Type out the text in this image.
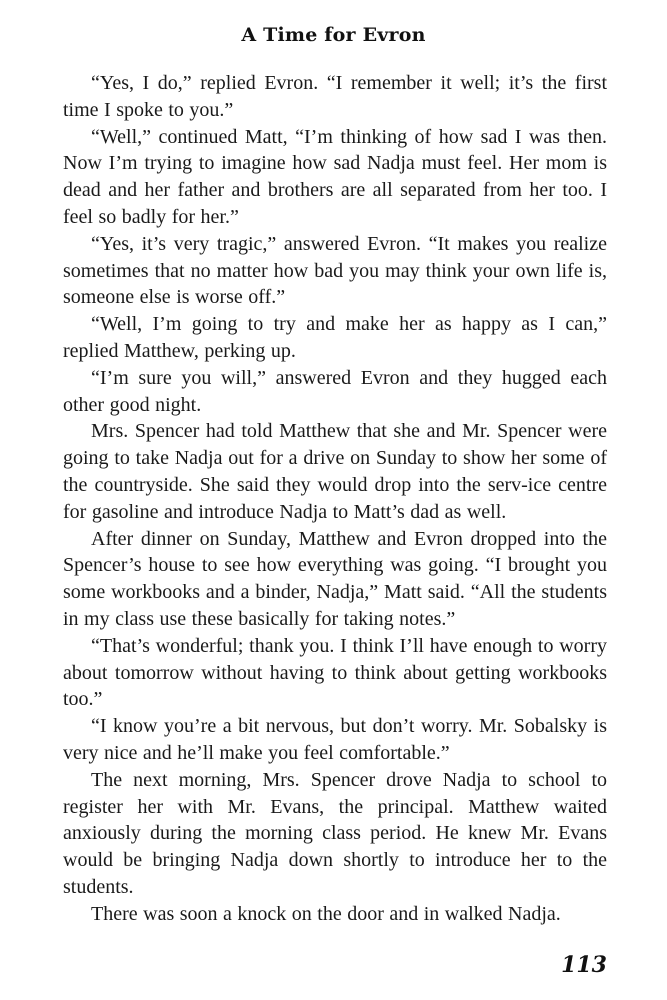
A Time for Evron

“Yes, I do,” replied Evron. “I remember it well; it’s the first time I spoke to you.”

“Well,” continued Matt, “I’m thinking of how sad I was then. Now I’m trying to imagine how sad Nadja must feel. Her mom is dead and her father and brothers are all separated from her too. I feel so badly for her.”

“Yes, it’s very tragic,” answered Evron. “It makes you realize sometimes that no matter how bad you may think your own life is, someone else is worse off.”

“Well, I’m going to try and make her as happy as I can,” replied Matthew, perking up.

“I’m sure you will,” answered Evron and they hugged each other good night.

Mrs. Spencer had told Matthew that she and Mr. Spencer were going to take Nadja out for a drive on Sunday to show her some of the countryside. She said they would drop into the serv-ice centre for gasoline and introduce Nadja to Matt’s dad as well.

After dinner on Sunday, Matthew and Evron dropped into the Spencer’s house to see how everything was going. “I brought you some workbooks and a binder, Nadja,” Matt said. “All the students in my class use these basically for taking notes.”

“That’s wonderful; thank you. I think I’ll have enough to worry about tomorrow without having to think about getting workbooks too.”

“I know you’re a bit nervous, but don’t worry. Mr. Sobalsky is very nice and he’ll make you feel comfortable.”

The next morning, Mrs. Spencer drove Nadja to school to register her with Mr. Evans, the principal. Matthew waited anxiously during the morning class period. He knew Mr. Evans would be bringing Nadja down shortly to introduce her to the students.

There was soon a knock on the door and in walked Nadja.

113
